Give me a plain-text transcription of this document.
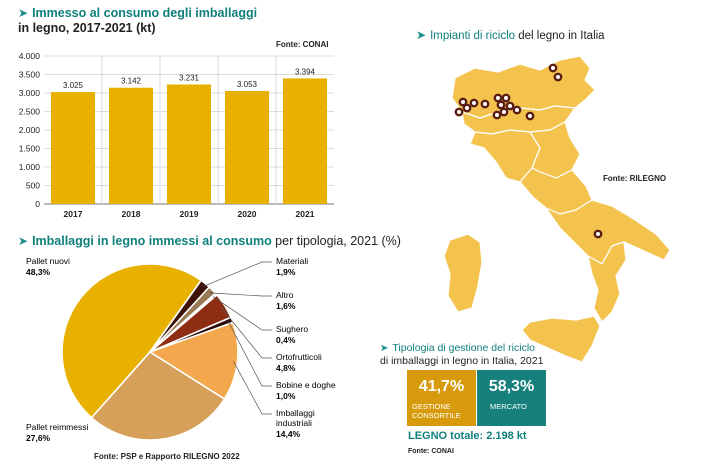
➤ Immesso al consumo degli imballaggi
in legno, 2017-2021 (kt)
Fonte: CONAI
0
500
1.000
1.500
2.000
2.500
3.000
3.500
4.000
3.025
2017
3.142
2018
3.231
2019
3.053
2020
3.394
2021
➤ Imballaggi in legno immessi al consumo per tipologia, 2021 (%)
Pallet nuovi
48,3%
Materiali
1,9%
Altro
1,6%
Sughero
0,4%
Ortofrutticoli
4,8%
Bobine e doghe
1,0%
Imballaggi
industriali
14,4%
Pallet reimmessi
27,6%
Fonte: PSP e Rapporto RILEGNO 2022
➤ Impianti di riciclo del legno in Italia
Fonte: RILEGNO
➤ Tipologia di gestione del riciclo
di imballaggi in legno in Italia, 2021
41,7%
GESTIONE
CONSORTILE
58,3%
MERCATO
LEGNO totale: 2.198 kt
Fonte: CONAI
